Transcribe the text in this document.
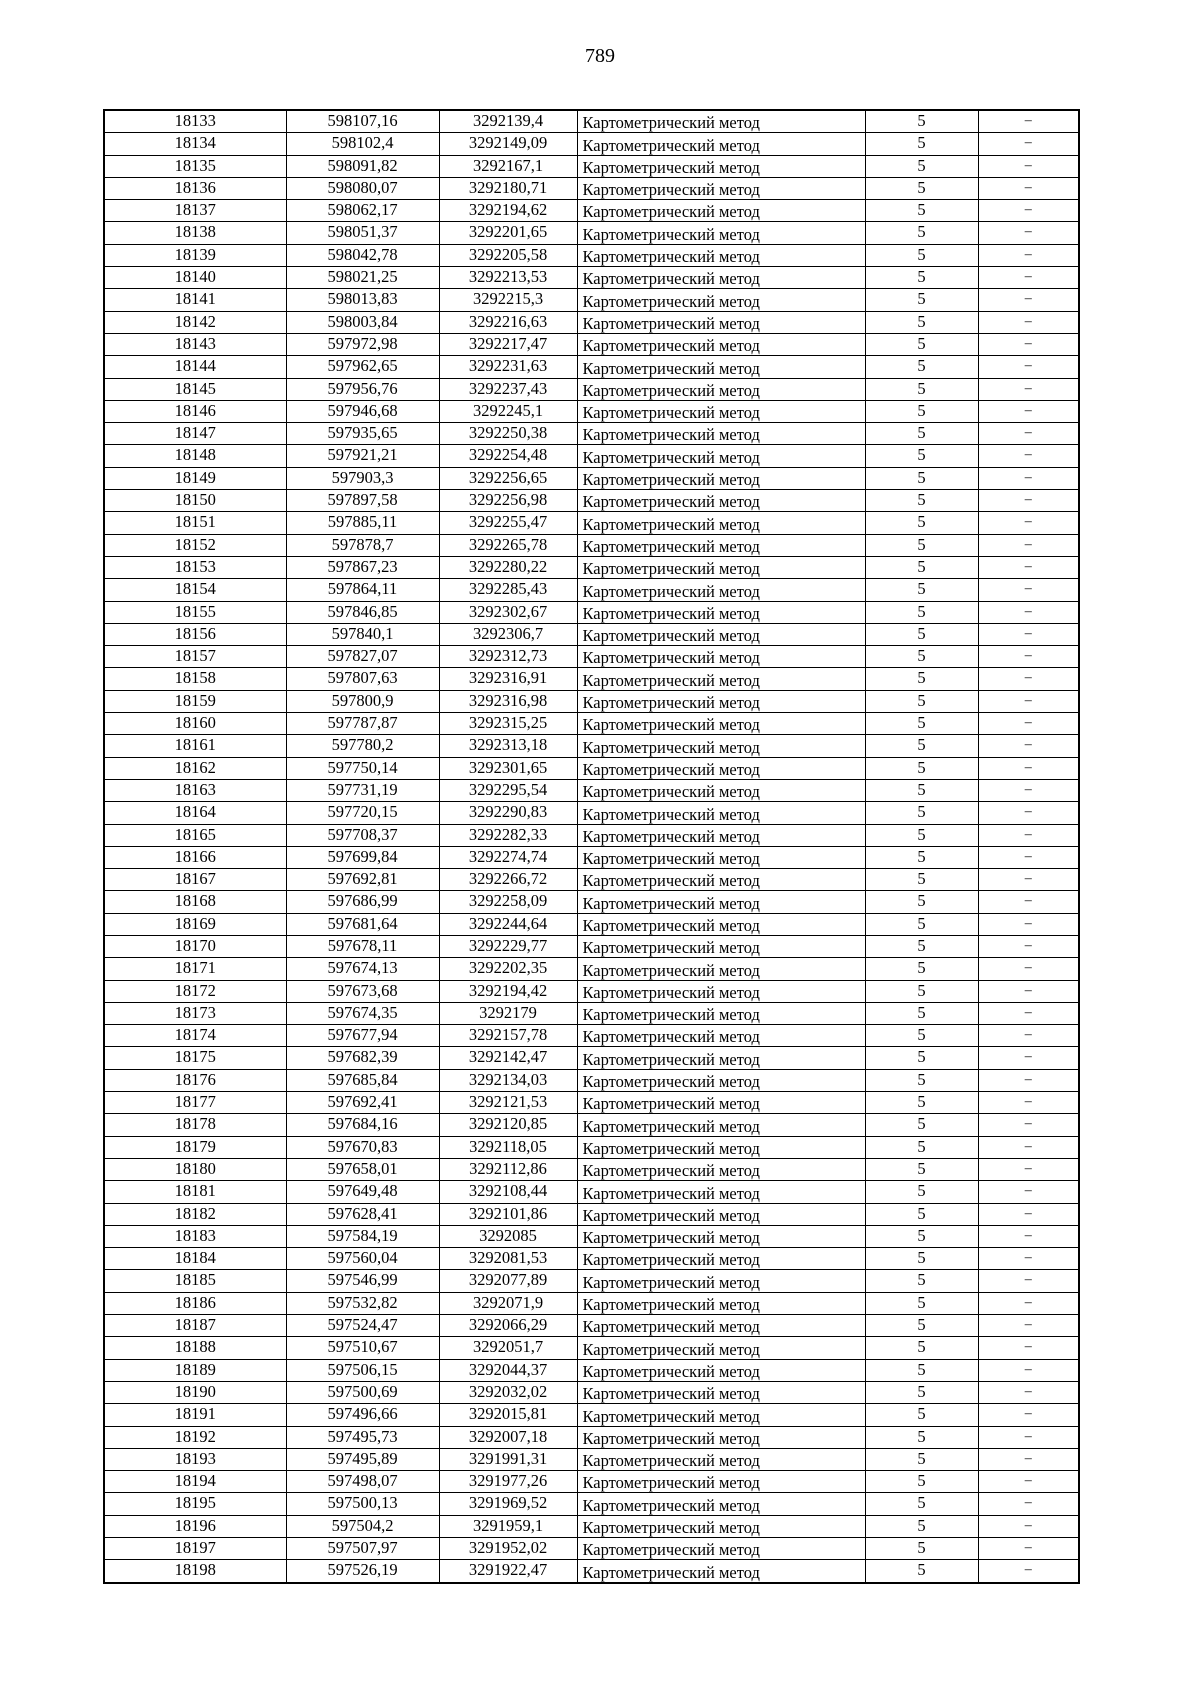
789
18133	598107,16	3292139,4	Картометрический метод	5	–
18134	598102,4	3292149,09	Картометрический метод	5	–
18135	598091,82	3292167,1	Картометрический метод	5	–
18136	598080,07	3292180,71	Картометрический метод	5	–
18137	598062,17	3292194,62	Картометрический метод	5	–
18138	598051,37	3292201,65	Картометрический метод	5	–
18139	598042,78	3292205,58	Картометрический метод	5	–
18140	598021,25	3292213,53	Картометрический метод	5	–
18141	598013,83	3292215,3	Картометрический метод	5	–
18142	598003,84	3292216,63	Картометрический метод	5	–
18143	597972,98	3292217,47	Картометрический метод	5	–
18144	597962,65	3292231,63	Картометрический метод	5	–
18145	597956,76	3292237,43	Картометрический метод	5	–
18146	597946,68	3292245,1	Картометрический метод	5	–
18147	597935,65	3292250,38	Картометрический метод	5	–
18148	597921,21	3292254,48	Картометрический метод	5	–
18149	597903,3	3292256,65	Картометрический метод	5	–
18150	597897,58	3292256,98	Картометрический метод	5	–
18151	597885,11	3292255,47	Картометрический метод	5	–
18152	597878,7	3292265,78	Картометрический метод	5	–
18153	597867,23	3292280,22	Картометрический метод	5	–
18154	597864,11	3292285,43	Картометрический метод	5	–
18155	597846,85	3292302,67	Картометрический метод	5	–
18156	597840,1	3292306,7	Картометрический метод	5	–
18157	597827,07	3292312,73	Картометрический метод	5	–
18158	597807,63	3292316,91	Картометрический метод	5	–
18159	597800,9	3292316,98	Картометрический метод	5	–
18160	597787,87	3292315,25	Картометрический метод	5	–
18161	597780,2	3292313,18	Картометрический метод	5	–
18162	597750,14	3292301,65	Картометрический метод	5	–
18163	597731,19	3292295,54	Картометрический метод	5	–
18164	597720,15	3292290,83	Картометрический метод	5	–
18165	597708,37	3292282,33	Картометрический метод	5	–
18166	597699,84	3292274,74	Картометрический метод	5	–
18167	597692,81	3292266,72	Картометрический метод	5	–
18168	597686,99	3292258,09	Картометрический метод	5	–
18169	597681,64	3292244,64	Картометрический метод	5	–
18170	597678,11	3292229,77	Картометрический метод	5	–
18171	597674,13	3292202,35	Картометрический метод	5	–
18172	597673,68	3292194,42	Картометрический метод	5	–
18173	597674,35	3292179	Картометрический метод	5	–
18174	597677,94	3292157,78	Картометрический метод	5	–
18175	597682,39	3292142,47	Картометрический метод	5	–
18176	597685,84	3292134,03	Картометрический метод	5	–
18177	597692,41	3292121,53	Картометрический метод	5	–
18178	597684,16	3292120,85	Картометрический метод	5	–
18179	597670,83	3292118,05	Картометрический метод	5	–
18180	597658,01	3292112,86	Картометрический метод	5	–
18181	597649,48	3292108,44	Картометрический метод	5	–
18182	597628,41	3292101,86	Картометрический метод	5	–
18183	597584,19	3292085	Картометрический метод	5	–
18184	597560,04	3292081,53	Картометрический метод	5	–
18185	597546,99	3292077,89	Картометрический метод	5	–
18186	597532,82	3292071,9	Картометрический метод	5	–
18187	597524,47	3292066,29	Картометрический метод	5	–
18188	597510,67	3292051,7	Картометрический метод	5	–
18189	597506,15	3292044,37	Картометрический метод	5	–
18190	597500,69	3292032,02	Картометрический метод	5	–
18191	597496,66	3292015,81	Картометрический метод	5	–
18192	597495,73	3292007,18	Картометрический метод	5	–
18193	597495,89	3291991,31	Картометрический метод	5	–
18194	597498,07	3291977,26	Картометрический метод	5	–
18195	597500,13	3291969,52	Картометрический метод	5	–
18196	597504,2	3291959,1	Картометрический метод	5	–
18197	597507,97	3291952,02	Картометрический метод	5	–
18198	597526,19	3291922,47	Картометрический метод	5	–
